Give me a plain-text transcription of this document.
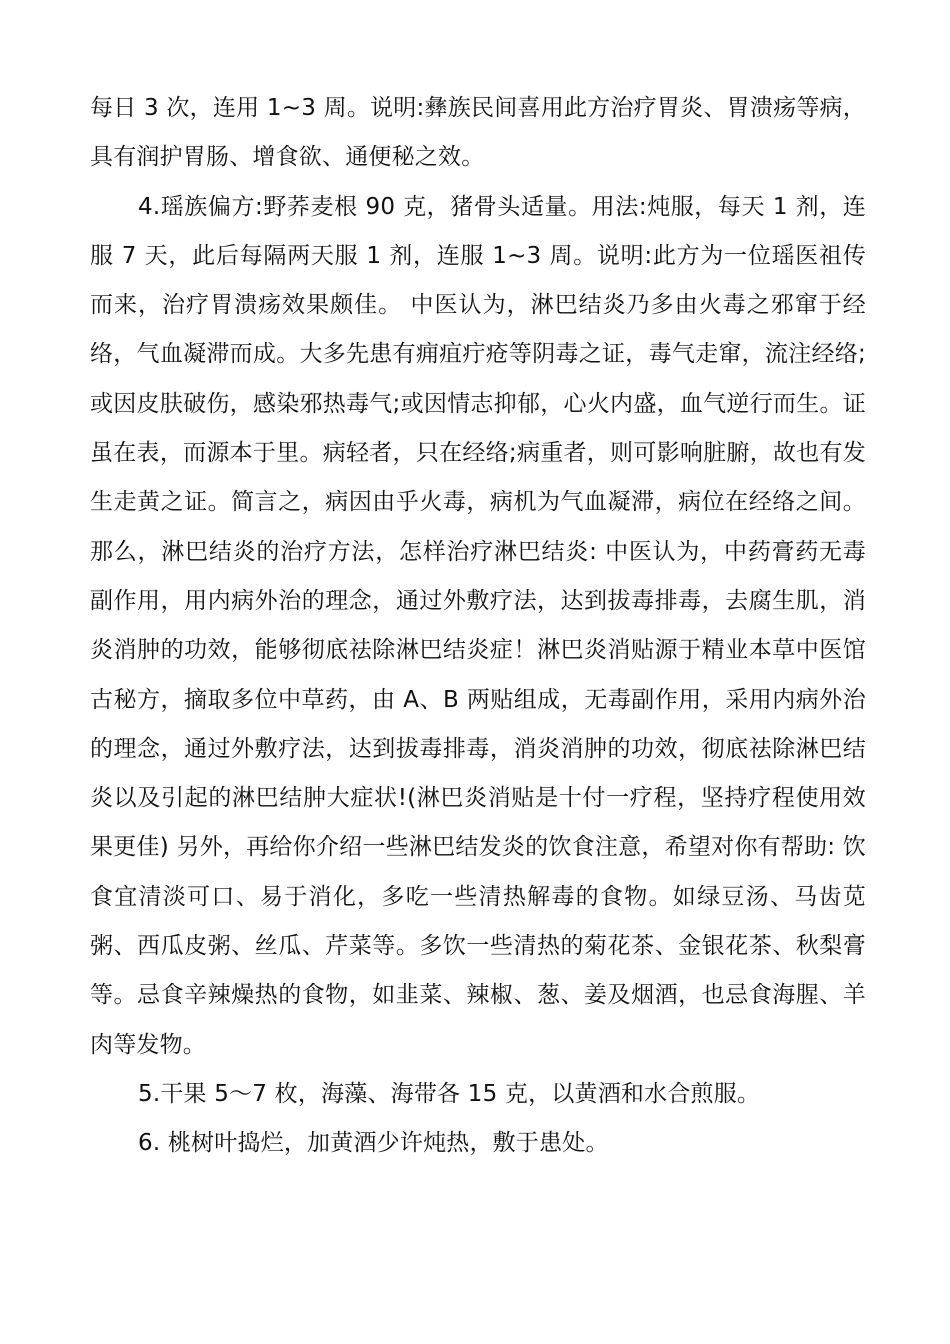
每日 3 次，连用 1~3 周。说明:彝族民间喜用此方治疗胃炎、胃溃疡等病，具有润护胃肠、增食欲、通便秘之效。

4.瑶族偏方:野荞麦根 90 克，猪骨头适量。用法:炖服，每天 1 剂，连服 7 天，此后每隔两天服 1 剂，连服 1~3 周。说明:此方为一位瑶医祖传而来，治疗胃溃疡效果颇佳。 中医认为，淋巴结炎乃多由火毒之邪窜于经络，气血凝滞而成。大多先患有痈疽疔疮等阴毒之证，毒气走窜，流注经络;或因皮肤破伤，感染邪热毒气;或因情志抑郁，心火内盛，血气逆行而生。证虽在表，而源本于里。病轻者，只在经络;病重者，则可影响脏腑，故也有发生走黄之证。简言之，病因由乎火毒，病机为气血凝滞，病位在经络之间。 那么，淋巴结炎的治疗方法，怎样治疗淋巴结炎: 中医认为，中药膏药无毒副作用，用内病外治的理念，通过外敷疗法，达到拔毒排毒，去腐生肌，消炎消肿的功效，能够彻底祛除淋巴结炎症！淋巴炎消贴源于精业本草中医馆古秘方，摘取多位中草药，由 A、B 两贴组成，无毒副作用，采用内病外治的理念，通过外敷疗法，达到拔毒排毒，消炎消肿的功效，彻底祛除淋巴结炎以及引起的淋巴结肿大症状!(淋巴炎消贴是十付一疗程，坚持疗程使用效果更佳) 另外，再给你介绍一些淋巴结发炎的饮食注意，希望对你有帮助: 饮食宜清淡可口、易于消化，多吃一些清热解毒的食物。如绿豆汤、马齿苋粥、西瓜皮粥、丝瓜、芹菜等。多饮一些清热的菊花茶、金银花茶、秋梨膏等。忌食辛辣燥热的食物，如韭菜、辣椒、葱、姜及烟酒，也忌食海腥、羊肉等发物。

5.干果 5～7 枚，海藻、海带各 15 克，以黄酒和水合煎服。

6. 桃树叶捣烂，加黄酒少许炖热，敷于患处。
